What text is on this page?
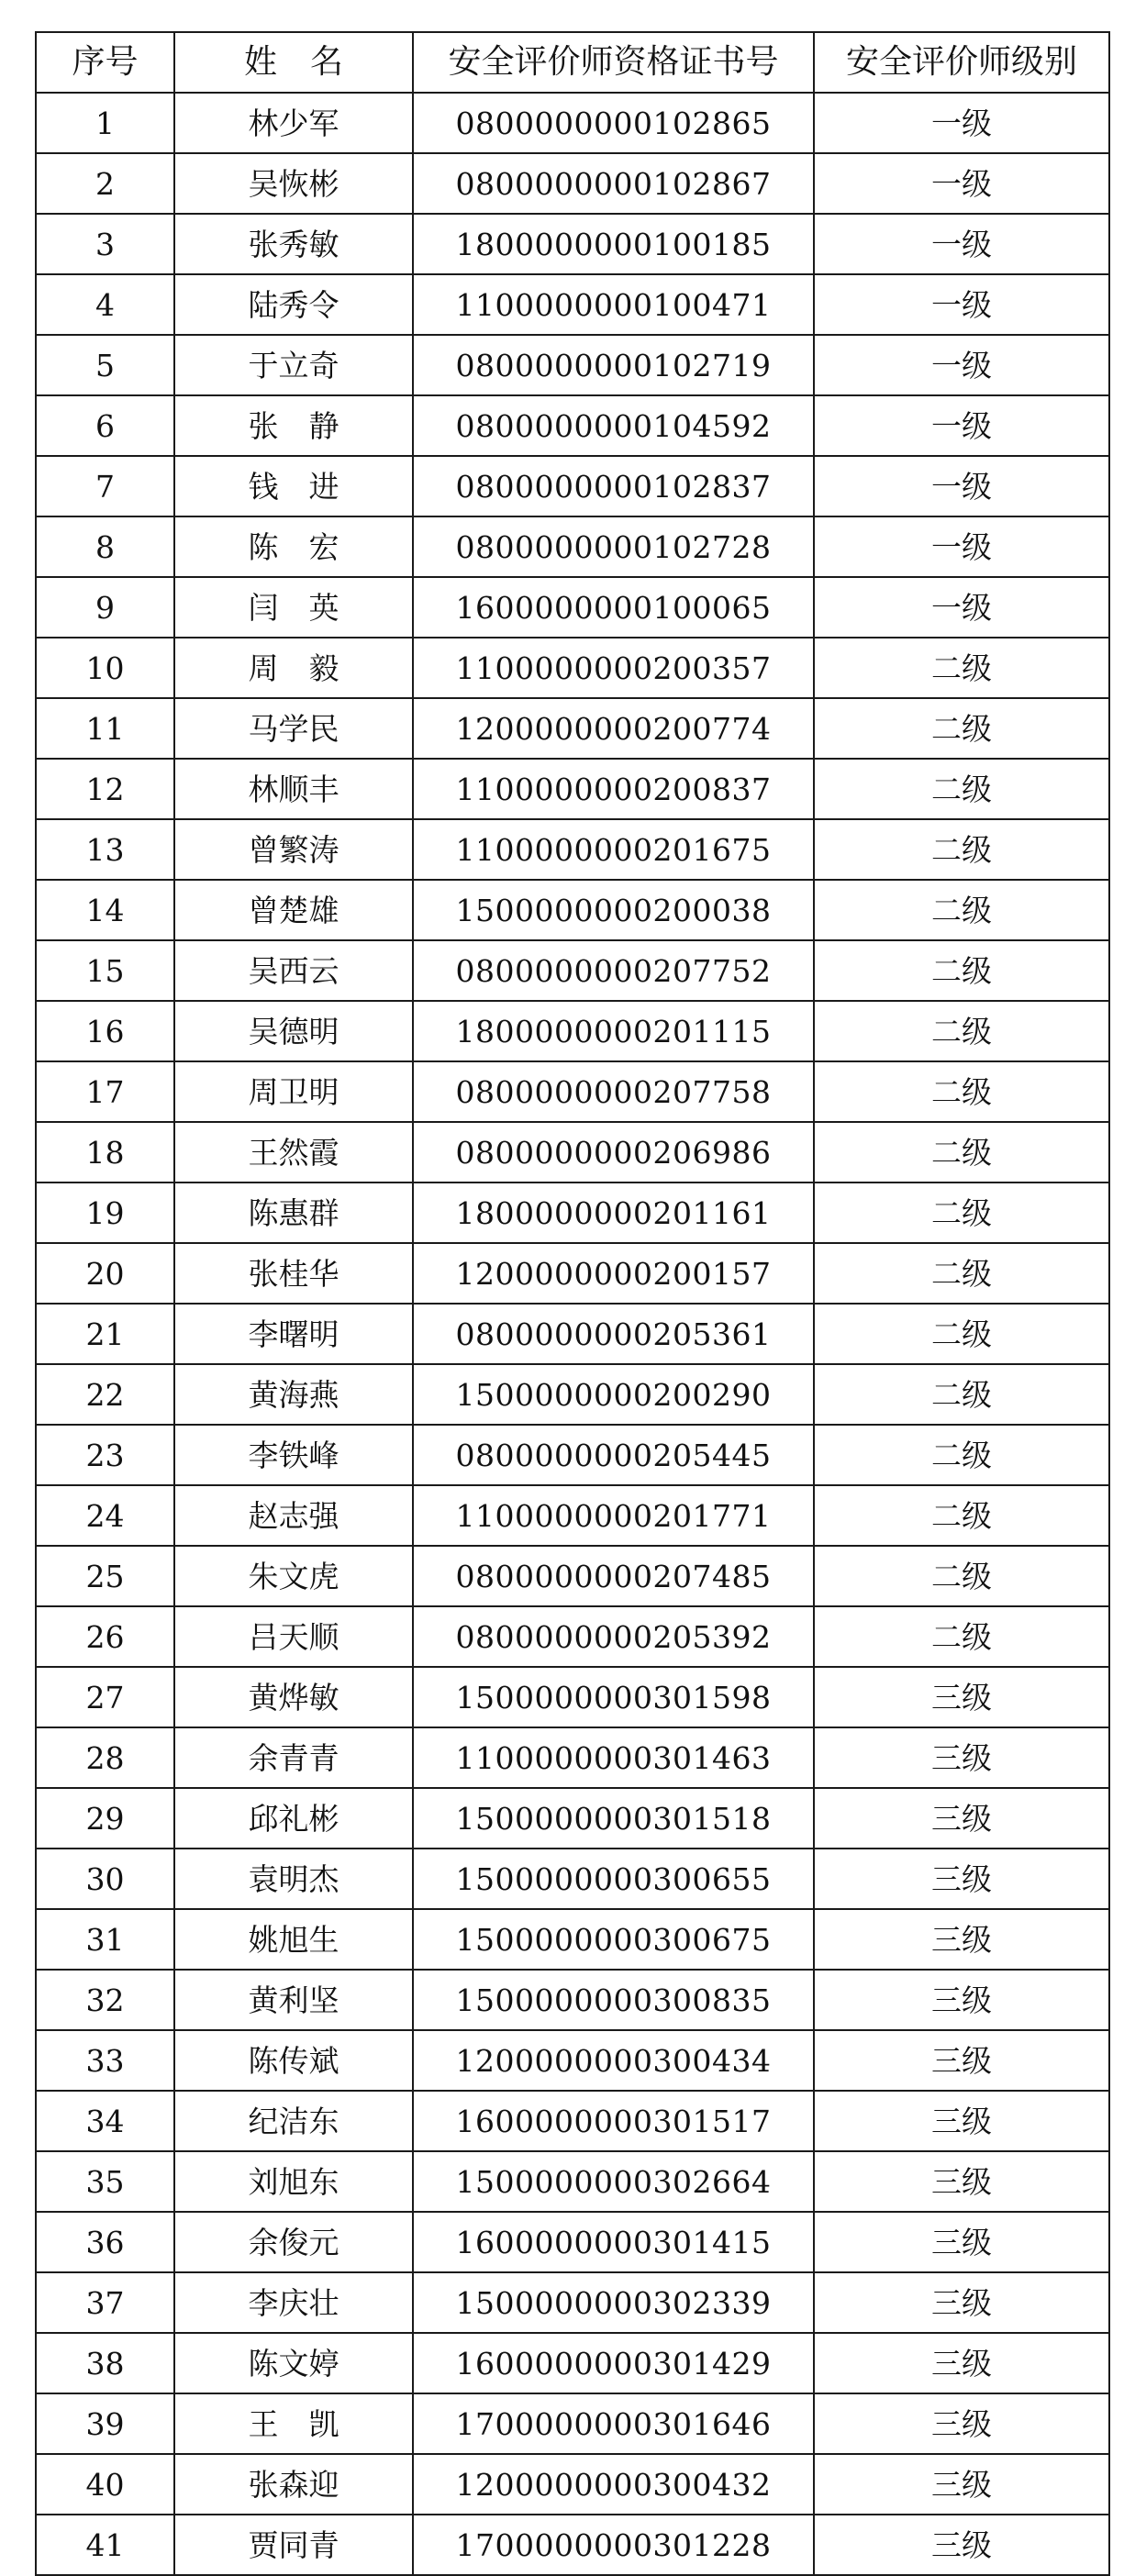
序号	姓　名	安全评价师资格证书号	安全评价师级别
1	林少军	0800000000102865	一级
2	吴恢彬	0800000000102867	一级
3	张秀敏	1800000000100185	一级
4	陆秀令	1100000000100471	一级
5	于立奇	0800000000102719	一级
6	张　静	0800000000104592	一级
7	钱　进	0800000000102837	一级
8	陈　宏	0800000000102728	一级
9	闫　英	1600000000100065	一级
10	周　毅	1100000000200357	二级
11	马学民	1200000000200774	二级
12	林顺丰	1100000000200837	二级
13	曾繁涛	1100000000201675	二级
14	曾楚雄	1500000000200038	二级
15	吴西云	0800000000207752	二级
16	吴德明	1800000000201115	二级
17	周卫明	0800000000207758	二级
18	王然霞	0800000000206986	二级
19	陈惠群	1800000000201161	二级
20	张桂华	1200000000200157	二级
21	李曙明	0800000000205361	二级
22	黄海燕	1500000000200290	二级
23	李铁峰	0800000000205445	二级
24	赵志强	1100000000201771	二级
25	朱文虎	0800000000207485	二级
26	吕天顺	0800000000205392	二级
27	黄烨敏	1500000000301598	三级
28	余青青	1100000000301463	三级
29	邱礼彬	1500000000301518	三级
30	袁明杰	1500000000300655	三级
31	姚旭生	1500000000300675	三级
32	黄利坚	1500000000300835	三级
33	陈传斌	1200000000300434	三级
34	纪洁东	1600000000301517	三级
35	刘旭东	1500000000302664	三级
36	余俊元	1600000000301415	三级
37	李庆壮	1500000000302339	三级
38	陈文婷	1600000000301429	三级
39	王　凯	1700000000301646	三级
40	张森迎	1200000000300432	三级
41	贾同青	1700000000301228	三级
